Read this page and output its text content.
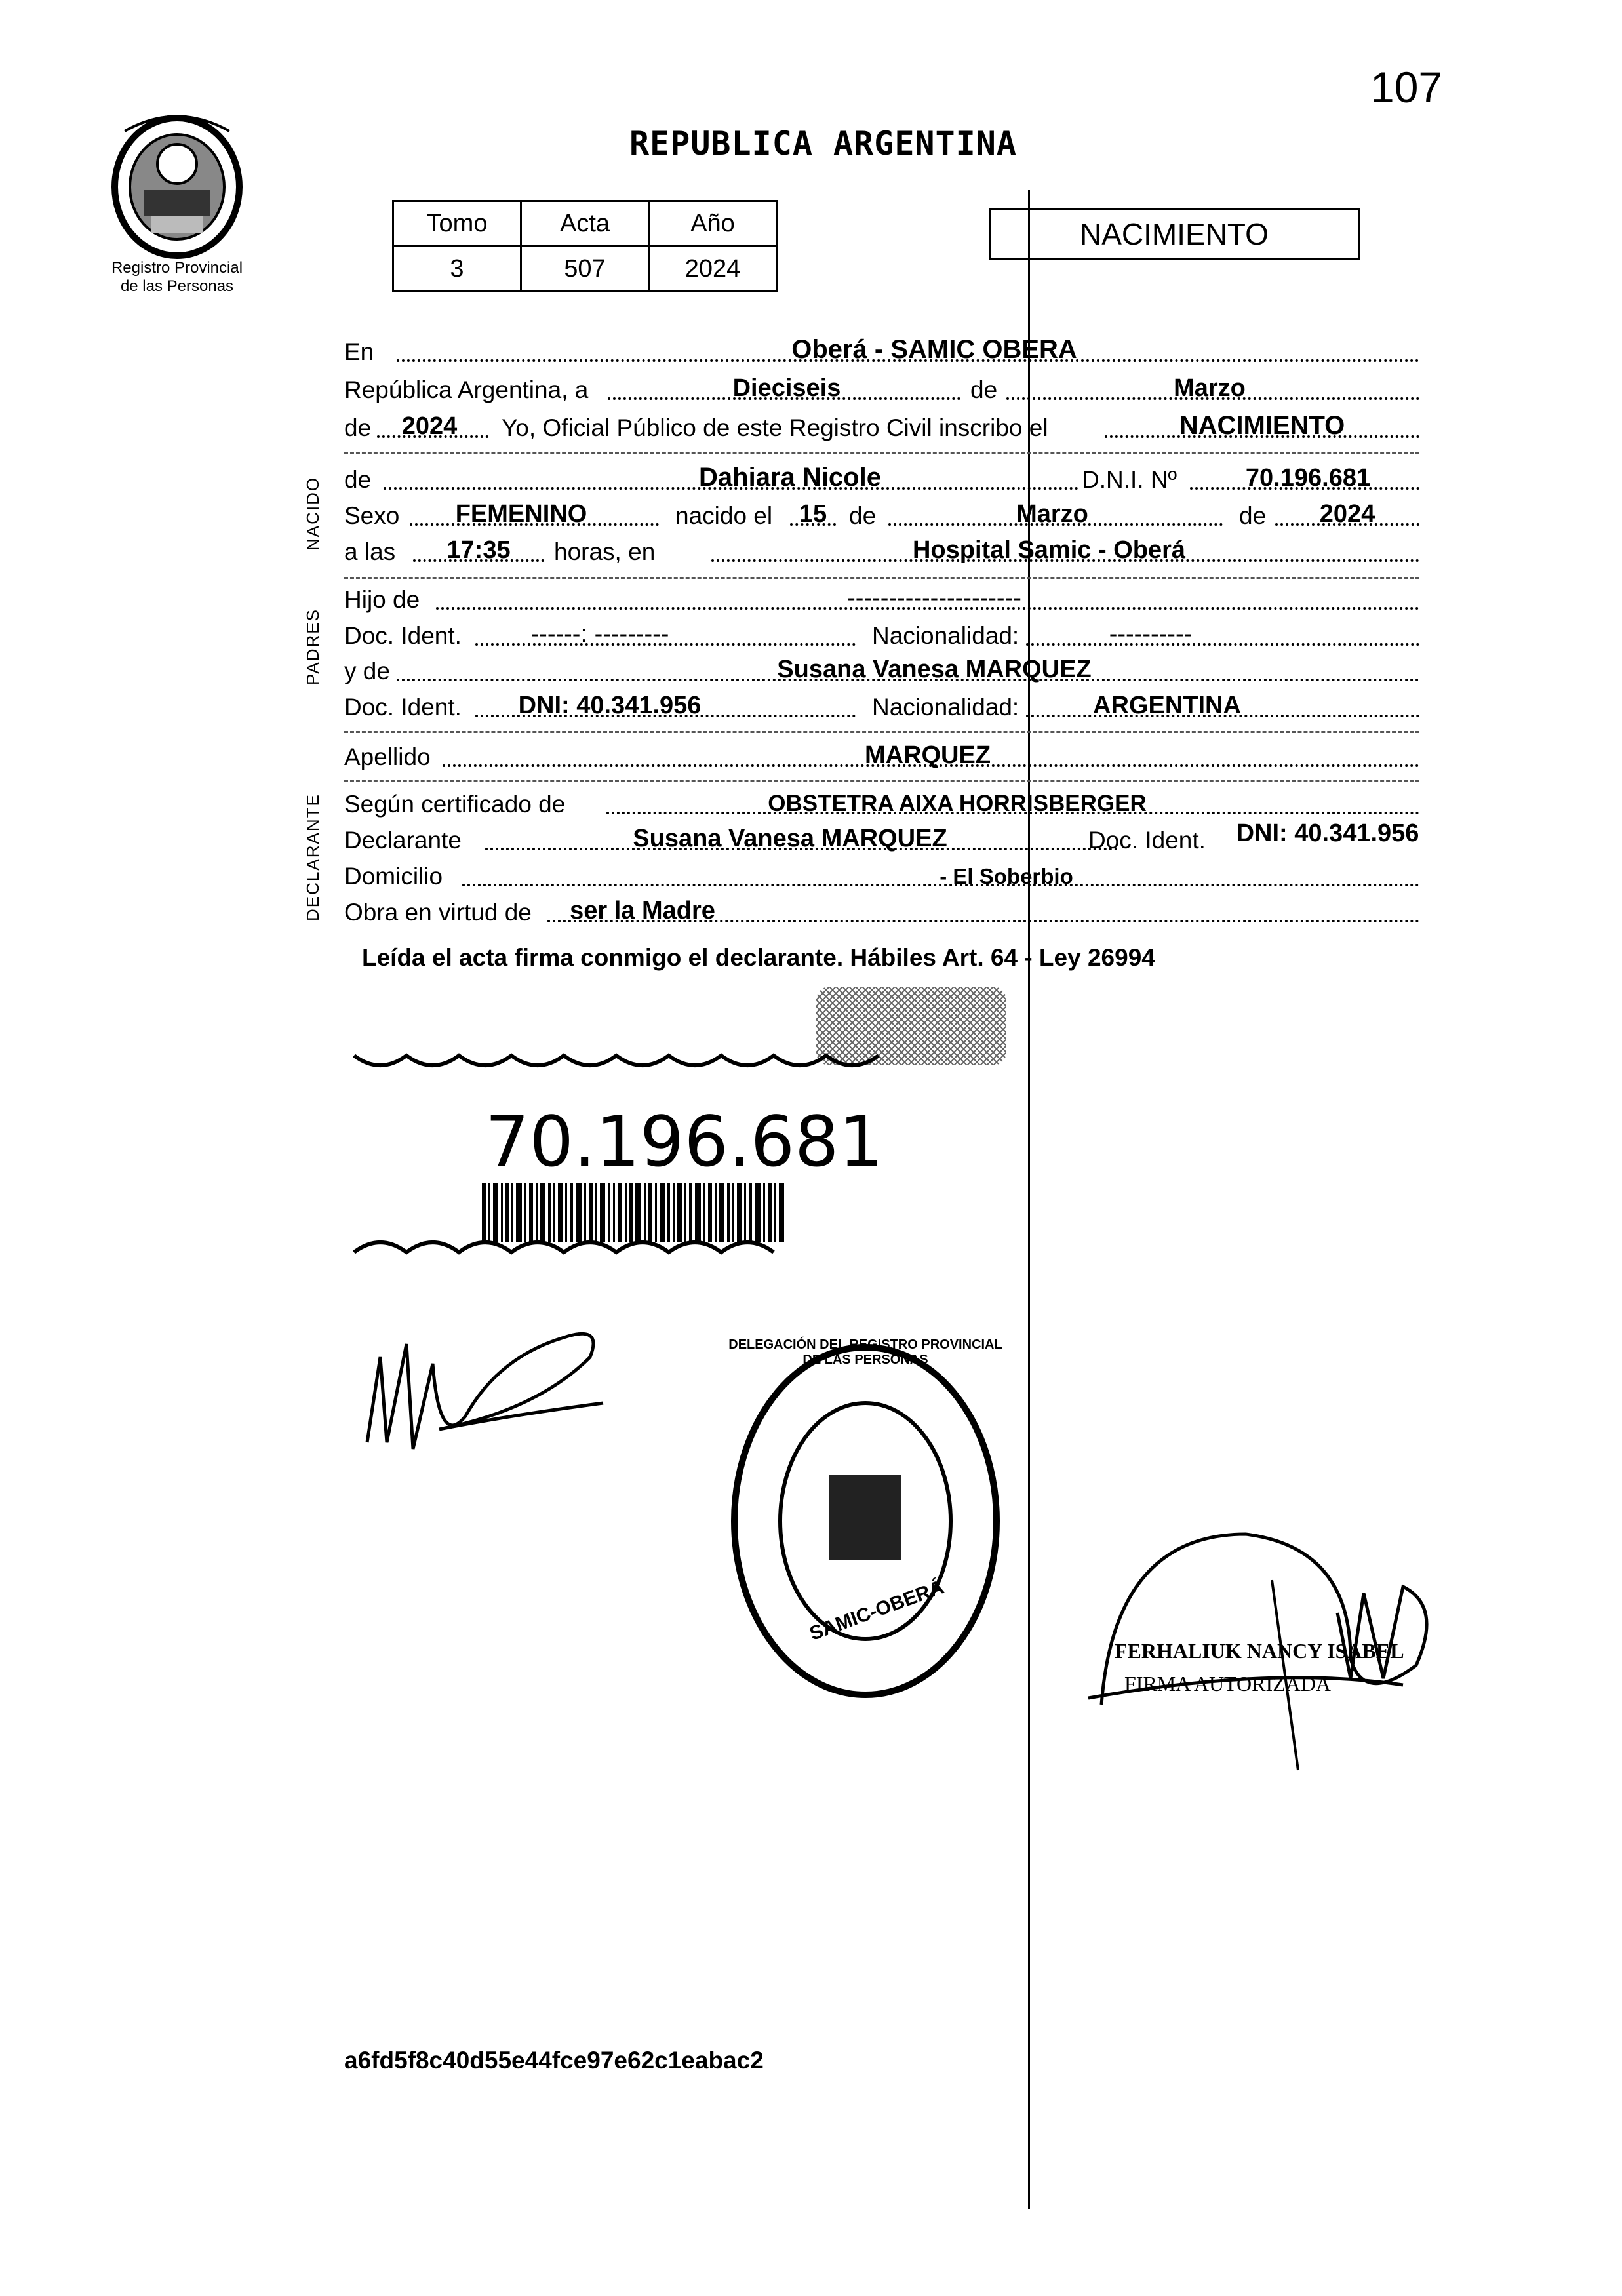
107
REPUBLICA ARGENTINA
Registro Provincial
de las Personas
Tomo	Acta	Año
3	507	2024
NACIMIENTO
En	Oberá - SAMIC OBERA
República Argentina, a	Dieciseis	de	Marzo
de	2024	Yo, Oficial Público de este Registro Civil inscribo el	NACIMIENTO
NACIDO de	Dahiara Nicole	D.N.I. Nº	70.196.681
Sexo	FEMENINO	nacido el	15 de	Marzo	de	2024
a las	17:35	horas, en	Hospital Samic - Oberá
PADRES
Hijo de	---------------------
Doc. Ident.	------: ---------	Nacionalidad:	----------
y de	Susana Vanesa MARQUEZ
Doc. Ident.	DNI: 40.341.956	Nacionalidad:	ARGENTINA
Apellido	MARQUEZ
DECLARANTE Según certificado de	OBSTETRA AIXA HORRISBERGER
Declarante	Susana Vanesa MARQUEZ	Doc. Ident.	DNI: 40.341.956
Domicilio	- El Soberbio
Obra en virtud de	ser la Madre
Leída el acta firma conmigo el declarante. Hábiles Art. 64 - Ley 26994
70.196.681
DELEGACIÓN DEL REGISTRO PROVINCIAL DE LAS PERSONAS
SAMIC-OBERÁ
FERHALIUK NANCY ISABEL
FIRMA AUTORIZADA
a6fd5f8c40d55e44fce97e62c1eabac2
